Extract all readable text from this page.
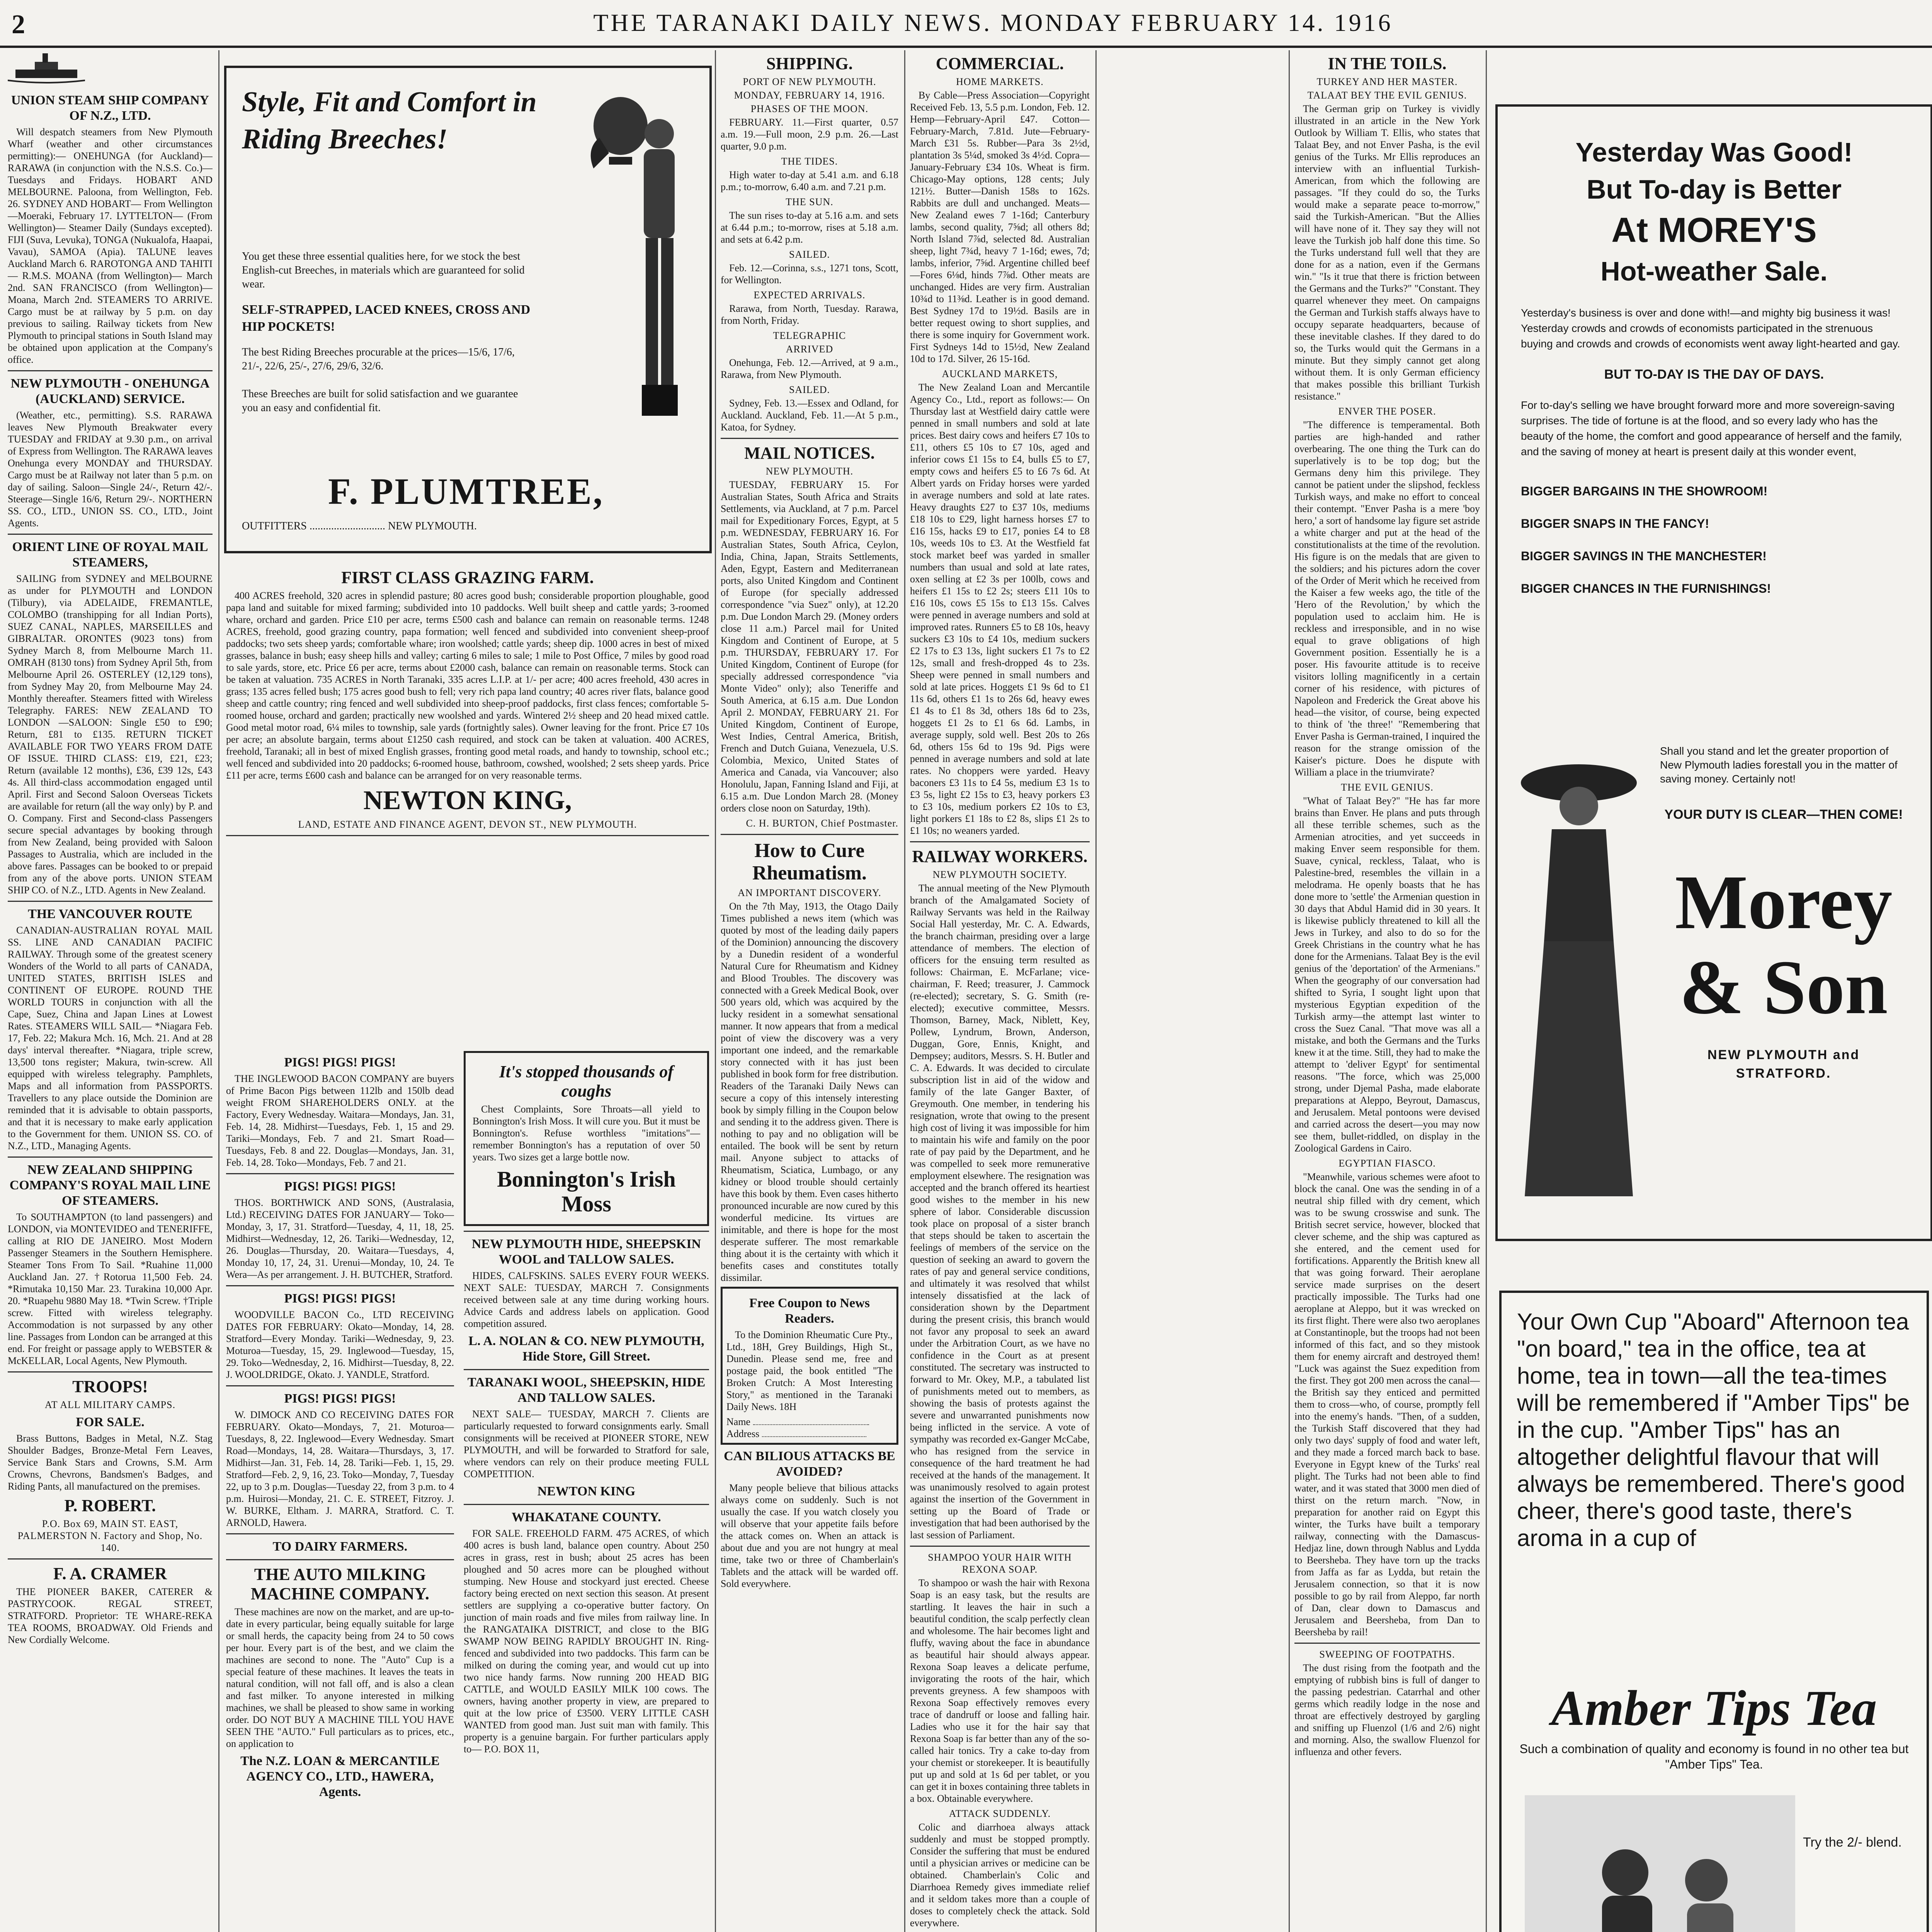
2	THE TARANAKI DAILY NEWS. MONDAY FEBRUARY 14. 1916
UNION STEAM SHIP COMPANY OF N.Z., LTD.

Will despatch steamers from New Plymouth Wharf (weather and other circumstances permitting):— ONEHUNGA (for Auckland)— RARAWA (in conjunction with the N.S.S. Co.)—Tuesdays and Fridays. HOBART AND MELBOURNE. Paloona, from Wellington, Feb. 26. SYDNEY AND HOBART— From Wellington—Moeraki, February 17. LYTTELTON— (From Wellington)— Steamer Daily (Sundays excepted). FIJI (Suva, Levuka), TONGA (Nukualofa, Haapai, Vavau), SAMOA (Apia). TALUNE leaves Auckland March 6. RAROTONGA AND TAHITI— R.M.S. MOANA (from Wellington)— March 2nd. SAN FRANCISCO (from Wellington)— Moana, March 2nd. STEAMERS TO ARRIVE. Cargo must be at railway by 5 p.m. on day previous to sailing. Railway tickets from New Plymouth to principal stations in South Island may be obtained upon application at the Company's office.

NEW PLYMOUTH - ONEHUNGA (AUCKLAND) SERVICE.

(Weather, etc., permitting). S.S. RARAWA leaves New Plymouth Breakwater every TUESDAY and FRIDAY at 9.30 p.m., on arrival of Express from Wellington. The RARAWA leaves Onehunga every MONDAY and THURSDAY. Cargo must be at Railway not later than 5 p.m. on day of sailing. Saloon—Single 24/-, Return 42/-. Steerage—Single 16/6, Return 29/-. NORTHERN SS. CO., LTD., UNION SS. CO., LTD., Joint Agents.

ORIENT LINE OF ROYAL MAIL STEAMERS,

SAILING from SYDNEY and MELBOURNE as under for PLYMOUTH and LONDON (Tilbury), via ADELAIDE, FREMANTLE, COLOMBO (transhipping for all Indian Ports), SUEZ CANAL, NAPLES, MARSEILLES and GIBRALTAR. ORONTES (9023 tons) from Sydney March 8, from Melbourne March 11. OMRAH (8130 tons) from Sydney April 5th, from Melbourne April 26. OSTERLEY (12,129 tons), from Sydney May 20, from Melbourne May 24. Monthly thereafter. Steamers fitted with Wireless Telegraphy. FARES: NEW ZEALAND TO LONDON —SALOON: Single £50 to £90; Return, £81 to £135. RETURN TICKET AVAILABLE FOR TWO YEARS FROM DATE OF ISSUE. THIRD CLASS: £19, £21, £23; Return (available 12 months), £36, £39 12s, £43 4s. All third-class accommodation engaged until April. First and Second Saloon Overseas Tickets are available for return (all the way only) by P. and O. Company. First and Second-class Passengers secure special advantages by booking through from New Zealand, being provided with Saloon Passages to Australia, which are included in the above fares. Passages can be booked to or prepaid from any of the above ports. UNION STEAM SHIP CO. of N.Z., LTD. Agents in New Zealand.

THE VANCOUVER ROUTE

CANADIAN-AUSTRALIAN ROYAL MAIL SS. LINE AND CANADIAN PACIFIC RAILWAY. Through some of the greatest scenery Wonders of the World to all parts of CANADA, UNITED STATES, BRITISH ISLES and CONTINENT OF EUROPE. ROUND THE WORLD TOURS in conjunction with all the Cape, Suez, China and Japan Lines at Lowest Rates. STEAMERS WILL SAIL— *Niagara Feb. 17, Feb. 22; Makura Mch. 16, Mch. 21. And at 28 days' interval thereafter. *Niagara, triple screw, 13,500 tons register; Makura, twin-screw. All equipped with wireless telegraphy. Pamphlets, Maps and all information from PASSPORTS. Travellers to any place outside the Dominion are reminded that it is advisable to obtain passports, and that it is necessary to make early application to the Government for them. UNION SS. CO. of N.Z., LTD., Managing Agents.

NEW ZEALAND SHIPPING COMPANY'S ROYAL MAIL LINE OF STEAMERS.

To SOUTHAMPTON (to land passengers) and LONDON, via MONTEVIDEO and TENERIFFE, calling at RIO DE JANEIRO. Most Modern Passenger Steamers in the Southern Hemisphere. Steamer Tons From To Sail. *Ruahine 11,000 Auckland Jan. 27. †Rotorua 11,500 Feb. 24. *Rimutaka 10,150 Mar. 23. Turakina 10,000 Apr. 20. *Ruapehu 9880 May 18. *Twin Screw. †Triple screw. Fitted with wireless telegraphy. Accommodation is not surpassed by any other line. Passages from London can be arranged at this end. For freight or passage apply to WEBSTER & McKELLAR, Local Agents, New Plymouth.

TROOPS!
AT ALL MILITARY CAMPS.
FOR SALE.

Brass Buttons, Badges in Metal, N.Z. Stag Shoulder Badges, Bronze-Metal Fern Leaves, Service Bank Stars and Crowns, S.M. Arm Crowns, Chevrons, Bandsmen's Badges, and Riding Pants, all manufactured on the premises.

P. ROBERT.
P.O. Box 69, MAIN ST. EAST, PALMERSTON N. Factory and Shop, No. 140.
F. A. CRAMER

THE PIONEER BAKER, CATERER & PASTRYCOOK. REGAL STREET, STRATFORD. Proprietor: TE WHARE-REKA TEA ROOMS, BROADWAY. Old Friends and New Cordially Welcome.

Style, Fit and Comfort in Riding Breeches!
You get these three essential qualities here, for we stock the best English-cut Breeches, in materials which are guaranteed for solid wear.
SELF-STRAPPED, LACED KNEES, CROSS AND HIP POCKETS!
The best Riding Breeches procurable at the prices—15/6, 17/6, 21/-, 22/6, 25/-, 27/6, 29/6, 32/6.

These Breeches are built for solid satisfaction and we guarantee you an easy and confidential fit.
F. PLUMTREE,
OUTFITTERS ............................ NEW PLYMOUTH.
FIRST CLASS GRAZING FARM.

400 ACRES freehold, 320 acres in splendid pasture; 80 acres good bush; considerable proportion ploughable, good papa land and suitable for mixed farming; subdivided into 10 paddocks. Well built sheep and cattle yards; 3-roomed whare, orchard and garden. Price £10 per acre, terms £500 cash and balance can remain on reasonable terms. 1248 ACRES, freehold, good grazing country, papa formation; well fenced and subdivided into convenient sheep-proof paddocks; two sets sheep yards; comfortable whare; iron woolshed; cattle yards; sheep dip. 1000 acres in best of mixed grasses, balance in bush; easy sheep hills and valley; carting 6 miles to sale; 1 mile to Post Office, 7 miles by good road to sale yards, store, etc. Price £6 per acre, terms about £2000 cash, balance can remain on reasonable terms. Stock can be taken at valuation. 735 ACRES in North Taranaki, 335 acres L.I.P. at 1/- per acre; 400 acres freehold, 430 acres in grass; 135 acres felled bush; 175 acres good bush to fell; very rich papa land country; 40 acres river flats, balance good sheep and cattle country; ring fenced and well subdivided into sheep-proof paddocks, first class fences; comfortable 5-roomed house, orchard and garden; practically new woolshed and yards. Wintered 2½ sheep and 20 head mixed cattle. Good metal motor road, 6¼ miles to township, sale yards (fortnightly sales). Owner leaving for the front. Price £7 10s per acre; an absolute bargain, terms about £1250 cash required, and stock can be taken at valuation. 400 ACRES, freehold, Taranaki; all in best of mixed English grasses, fronting good metal roads, and handy to township, school etc.; well fenced and subdivided into 20 paddocks; 6-roomed house, bathroom, cowshed, woolshed; 2 sets sheep yards. Price £11 per acre, terms £600 cash and balance can be arranged for on very reasonable terms.

NEWTON KING,
LAND, ESTATE AND FINANCE AGENT, DEVON ST., NEW PLYMOUTH.
PIGS! PIGS! PIGS!

THE INGLEWOOD BACON COMPANY are buyers of Prime Bacon Pigs between 112lb and 150lb dead weight FROM SHAREHOLDERS ONLY. at the Factory, Every Wednesday. Waitara—Mondays, Jan. 31, Feb. 14, 28. Midhirst—Tuesdays, Feb. 1, 15 and 29. Tariki—Mondays, Feb. 7 and 21. Smart Road—Tuesdays, Feb. 8 and 22. Douglas—Mondays, Jan. 31, Feb. 14, 28. Toko—Mondays, Feb. 7 and 21.

PIGS! PIGS! PIGS!

THOS. BORTHWICK AND SONS, (Australasia, Ltd.) RECEIVING DATES FOR JANUARY— Toko—Monday, 3, 17, 31. Stratford—Tuesday, 4, 11, 18, 25. Midhirst—Wednesday, 12, 26. Tariki—Wednesday, 12, 26. Douglas—Thursday, 20. Waitara—Tuesdays, 4, Monday 10, 17, 24, 31. Urenui—Monday, 10, 24. Te Wera—As per arrangement. J. H. BUTCHER, Stratford.

PIGS! PIGS! PIGS!

WOODVILLE BACON Co., LTD RECEIVING DATES FOR FEBRUARY: Okato—Monday, 14, 28. Stratford—Every Monday. Tariki—Wednesday, 9, 23. Moturoa—Tuesday, 15, 29. Inglewood—Tuesday, 15, 29. Toko—Wednesday, 2, 16. Midhirst—Tuesday, 8, 22. J. WOOLDRIDGE, Okato. J. YANDLE, Stratford.

PIGS! PIGS! PIGS!

W. DIMOCK AND CO RECEIVING DATES FOR FEBRUARY. Okato—Mondays, 7, 21. Moturoa—Tuesdays, 8, 22. Inglewood—Every Wednesday. Smart Road—Mondays, 14, 28. Waitara—Thursdays, 3, 17. Midhirst—Jan. 31, Feb. 14, 28. Tariki—Feb. 1, 15, 29. Stratford—Feb. 2, 9, 16, 23. Toko—Monday, 7, Tuesday 22, up to 3 p.m. Douglas—Tuesday 22, from 3 p.m. to 4 p.m. Huirosi—Monday, 21. C. E. STREET, Fitzroy. J. W. BURKE, Eltham. J. MARRA, Stratford. C. T. ARNOLD, Hawera.

TO DAIRY FARMERS.
THE AUTO MILKING MACHINE COMPANY.

These machines are now on the market, and are up-to-date in every particular, being equally suitable for large or small herds, the capacity being from 24 to 50 cows per hour. Every part is of the best, and we claim the machines are second to none. The "Auto" Cup is a special feature of these machines. It leaves the teats in natural condition, will not fall off, and is also a clean and fast milker. To anyone interested in milking machines, we shall be pleased to show same in working order. DO NOT BUY A MACHINE TILL YOU HAVE SEEN THE "AUTO." Full particulars as to prices, etc., on application to

The N.Z. LOAN & MERCANTILE AGENCY CO., LTD., HAWERA, Agents.
It's stopped thousands of coughs

Chest Complaints, Sore Throats—all yield to Bonnington's Irish Moss. It will cure you. But it must be Bonnington's. Refuse worthless "imitations"—remember Bonnington's has a reputation of over 50 years. Two sizes get a large bottle now.

Bonnington's Irish Moss
NEW PLYMOUTH HIDE, SHEEPSKIN WOOL and TALLOW SALES.

HIDES, CALFSKINS. SALES EVERY FOUR WEEKS. NEXT SALE: TUESDAY, MARCH 7. Consignments received between sale at any time during working hours. Advice Cards and address labels on application. Good competition assured.

L. A. NOLAN & CO. NEW PLYMOUTH, Hide Store, Gill Street.
TARANAKI WOOL, SHEEPSKIN, HIDE AND TALLOW SALES.

NEXT SALE— TUESDAY, MARCH 7. Clients are particularly requested to forward consignments early. Small consignments will be received at PIONEER STORE, NEW PLYMOUTH, and will be forwarded to Stratford for sale, where vendors can rely on their produce meeting FULL COMPETITION.

NEWTON KING
WHAKATANE COUNTY.

FOR SALE. FREEHOLD FARM. 475 ACRES, of which 400 acres is bush land, balance open country. About 250 acres in grass, rest in bush; about 25 acres has been ploughed and 50 acres more can be ploughed without stumping. New House and stockyard just erected. Cheese factory being erected on next section this season. At present settlers are supplying a co-operative butter factory. On junction of main roads and five miles from railway line. In the RANGATAIKA DISTRICT, and close to the BIG SWAMP NOW BEING RAPIDLY BROUGHT IN. Ring-fenced and subdivided into two paddocks. This farm can be milked on during the coming year, and would cut up into two nice handy farms. Now running 200 HEAD BIG CATTLE, and WOULD EASILY MILK 100 cows. The owners, having another property in view, are prepared to quit at the low price of £3500. VERY LITTLE CASH WANTED from good man. Just suit man with family. This property is a genuine bargain. For further particulars apply to— P.O. BOX 11,

SHIPPING.
PORT OF NEW PLYMOUTH.
MONDAY, FEBRUARY 14, 1916.
PHASES OF THE MOON.

FEBRUARY. 11.—First quarter, 0.57 a.m. 19.—Full moon, 2.9 p.m. 26.—Last quarter, 9.0 p.m.

THE TIDES.

High water to-day at 5.41 a.m. and 6.18 p.m.; to-morrow, 6.40 a.m. and 7.21 p.m.

THE SUN.

The sun rises to-day at 5.16 a.m. and sets at 6.44 p.m.; to-morrow, rises at 5.18 a.m. and sets at 6.42 p.m.

SAILED.

Feb. 12.—Corinna, s.s., 1271 tons, Scott, for Wellington.

EXPECTED ARRIVALS.

Rarawa, from North, Tuesday. Rarawa, from North, Friday.

TELEGRAPHIC
ARRIVED

Onehunga, Feb. 12.—Arrived, at 9 a.m., Rarawa, from New Plymouth.

SAILED.

Sydney, Feb. 13.—Essex and Odland, for Auckland. Auckland, Feb. 11.—At 5 p.m., Katoa, for Sydney.

MAIL NOTICES.
NEW PLYMOUTH.

TUESDAY, FEBRUARY 15. For Australian States, South Africa and Straits Settlements, via Auckland, at 7 p.m. Parcel mail for Expeditionary Forces, Egypt, at 5 p.m. WEDNESDAY, FEBRUARY 16. For Australian States, South Africa, Ceylon, India, China, Japan, Straits Settlements, Aden, Egypt, Eastern and Mediterranean ports, also United Kingdom and Continent of Europe (for specially addressed correspondence "via Suez" only), at 12.20 p.m. Due London March 29. (Money orders close 11 a.m.) Parcel mail for United Kingdom and Continent of Europe, at 5 p.m. THURSDAY, FEBRUARY 17. For United Kingdom, Continent of Europe (for specially addressed correspondence "via Monte Video" only); also Teneriffe and South America, at 6.15 a.m. Due London April 2. MONDAY, FEBRUARY 21. For United Kingdom, Continent of Europe, West Indies, Central America, British, French and Dutch Guiana, Venezuela, U.S. Colombia, Mexico, United States of America and Canada, via Vancouver; also Honolulu, Japan, Fanning Island and Fiji, at 6.15 a.m. Due London March 28. (Money orders close noon on Saturday, 19th).

C. H. BURTON, Chief Postmaster.
How to Cure Rheumatism.
AN IMPORTANT DISCOVERY.

On the 7th May, 1913, the Otago Daily Times published a news item (which was quoted by most of the leading daily papers of the Dominion) announcing the discovery by a Dunedin resident of a wonderful Natural Cure for Rheumatism and Kidney and Blood Troubles. The discovery was connected with a Greek Medical Book, over 500 years old, which was acquired by the lucky resident in a somewhat sensational manner. It now appears that from a medical point of view the discovery was a very important one indeed, and the remarkable story connected with it has just been published in book form for free distribution. Readers of the Taranaki Daily News can secure a copy of this intensely interesting book by simply filling in the Coupon below and sending it to the address given. There is nothing to pay and no obligation will be entailed. The book will be sent by return mail. Anyone subject to attacks of Rheumatism, Sciatica, Lumbago, or any kidney or blood trouble should certainly have this book by them. Even cases hitherto pronounced incurable are now cured by this wonderful medicine. Its virtues are inimitable, and there is hope for the most desperate sufferer. The most remarkable thing about it is the certainty with which it benefits cases and constitutes totally dissimilar.

Free Coupon to News Readers.

To the Dominion Rheumatic Cure Pty., Ltd., 18H, Grey Buildings, High St., Dunedin. Please send me, free and postage paid, the book entitled "The Broken Crutch: A Most Interesting Story," as mentioned in the Taranaki Daily News. 18H

Name
Address
CAN BILIOUS ATTACKS BE AVOIDED?

Many people believe that bilious attacks always come on suddenly. Such is not usually the case. If you watch closely you will observe that your appetite fails before the attack comes on. When an attack is about due and you are not hungry at meal time, take two or three of Chamberlain's Tablets and the attack will be warded off. Sold everywhere.

COMMERCIAL.
HOME MARKETS.

By Cable—Press Association—Copyright Received Feb. 13, 5.5 p.m. London, Feb. 12. Hemp—February-April £47. Cotton—February-March, 7.81d. Jute—February-March £31 5s. Rubber—Para 3s 2½d, plantation 3s 5¼d, smoked 3s 4½d. Copra—January-February £34 10s. Wheat is firm. Chicago-May options, 128 cents; July 121½. Butter—Danish 158s to 162s. Rabbits are dull and unchanged. Meats—New Zealand ewes 7 1-16d; Canterbury lambs, second quality, 7⅝d; all others 8d; North Island 7⅞d, selected 8d. Australian sheep, light 7¾d, heavy 7 1-16d; ewes, 7d; lambs, inferior, 7⅝d. Argentine chilled beef—Fores 6⅛d, hinds 7⅞d. Other meats are unchanged. Hides are very firm. Australian 10¾d to 11⅜d. Leather is in good demand. Best Sydney 17d to 19½d. Basils are in better request owing to short supplies, and there is some inquiry for Government work. First Sydneys 14d to 15½d, New Zealand 10d to 17d. Silver, 26 15-16d.

AUCKLAND MARKETS,

The New Zealand Loan and Mercantile Agency Co., Ltd., report as follows:— On Thursday last at Westfield dairy cattle were penned in small numbers and sold at late prices. Best dairy cows and heifers £7 10s to £11, others £5 10s to £7 10s, aged and inferior cows £1 15s to £4, bulls £5 to £7, empty cows and heifers £5 to £6 7s 6d. At Albert yards on Friday horses were yarded in average numbers and sold at late rates. Heavy draughts £27 to £37 10s, mediums £18 10s to £29, light harness horses £7 to £16 15s, hacks £9 to £17, ponies £4 to £8 10s, weeds 10s to £3. At the Westfield fat stock market beef was yarded in smaller numbers than usual and sold at late rates, oxen selling at £2 3s per 100lb, cows and heifers £1 15s to £2 2s; steers £11 10s to £16 10s, cows £5 15s to £13 15s. Calves were penned in average numbers and sold at improved rates. Runners £5 to £8 10s, heavy suckers £3 10s to £4 10s, medium suckers £2 17s to £3 13s, light suckers £1 7s to £2 12s, small and fresh-dropped 4s to 23s. Sheep were penned in small numbers and sold at late prices. Hoggets £1 9s 6d to £1 11s 6d, others £1 1s to 26s 6d, heavy ewes £1 4s to £1 8s 3d, others 18s 6d to 23s, hoggets £1 2s to £1 6s 6d. Lambs, in average supply, sold well. Best 20s to 26s 6d, others 15s 6d to 19s 9d. Pigs were penned in average numbers and sold at late rates. No choppers were yarded. Heavy baconers £3 11s to £4 5s, medium £3 1s to £3 5s, light £2 15s to £3, heavy porkers £3 to £3 10s, medium porkers £2 10s to £3, light porkers £1 18s to £2 8s, slips £1 2s to £1 10s; no weaners yarded.

RAILWAY WORKERS.
NEW PLYMOUTH SOCIETY.

The annual meeting of the New Plymouth branch of the Amalgamated Society of Railway Servants was held in the Railway Social Hall yesterday, Mr. C. A. Edwards, the branch chairman, presiding over a large attendance of members. The election of officers for the ensuing term resulted as follows: Chairman, E. McFarlane; vice-chairman, F. Reed; treasurer, J. Cammock (re-elected); secretary, S. G. Smith (re-elected); executive committee, Messrs. Thomson, Barney, Mack, Niblett, Key, Pollew, Lyndrum, Brown, Anderson, Duggan, Gore, Ennis, Knight, and Dempsey; auditors, Messrs. S. H. Butler and C. A. Edwards. It was decided to circulate subscription list in aid of the widow and family of the late Ganger Baxter, of Greymouth. One member, in tendering his resignation, wrote that owing to the present high cost of living it was impossible for him to maintain his wife and family on the poor rate of pay paid by the Department, and he was compelled to seek more remunerative employment elsewhere. The resignation was accepted and the branch offered its heartiest good wishes to the member in his new sphere of labor. Considerable discussion took place on proposal of a sister branch that steps should be taken to ascertain the feelings of members of the service on the question of seeking an award to govern the rates of pay and general service conditions, and ultimately it was resolved that whilst intensely dissatisfied at the lack of consideration shown by the Department during the present crisis, this branch would not favor any proposal to seek an award under the Arbitration Court, as we have no confidence in the Court as at present constituted. The secretary was instructed to forward to Mr. Okey, M.P., a tabulated list of punishments meted out to members, as showing the basis of protests against the severe and unwarranted punishments now being inflicted in the service. A vote of sympathy was recorded ex-Ganger McCabe, who has resigned from the service in consequence of the hard treatment he had received at the hands of the management. It was unanimously resolved to again protest against the insertion of the Government in setting up the Board of Trade or investigation that had been authorised by the last session of Parliament.

SHAMPOO YOUR HAIR WITH REXONA SOAP.

To shampoo or wash the hair with Rexona Soap is an easy task, but the results are startling. It leaves the hair in such a beautiful condition, the scalp perfectly clean and wholesome. The hair becomes light and fluffy, waving about the face in abundance as beautiful hair should always appear. Rexona Soap leaves a delicate perfume, invigorating the roots of the hair, which prevents greyness. A few shampoos with Rexona Soap effectively removes every trace of dandruff or loose and falling hair. Ladies who use it for the hair say that Rexona Soap is far better than any of the so-called hair tonics. Try a cake to-day from your chemist or storekeeper. It is beautifully put up and sold at 1s 6d per tablet, or you can get it in boxes containing three tablets in a box. Obtainable everywhere.

ATTACK SUDDENLY.

Colic and diarrhoea always attack suddenly and must be stopped promptly. Consider the suffering that must be endured until a physician arrives or medicine can be obtained. Chamberlain's Colic and Diarrhoea Remedy gives immediate relief and it seldom takes more than a couple of doses to completely check the attack. Sold everywhere.

IN THE TOILS.
TURKEY AND HER MASTER.
TALAAT BEY THE EVIL GENIUS.

The German grip on Turkey is vividly illustrated in an article in the New York Outlook by William T. Ellis, who states that Talaat Bey, and not Enver Pasha, is the evil genius of the Turks. Mr Ellis reproduces an interview with an influential Turkish-American, from which the following are passages. "If they could do so, the Turks would make a separate peace to-morrow," said the Turkish-American. "But the Allies will have none of it. They say they will not leave the Turkish job half done this time. So the Turks understand full well that they are done for as a nation, even if the Germans win." "Is it true that there is friction between the Germans and the Turks?" "Constant. They quarrel whenever they meet. On campaigns the German and Turkish staffs always have to occupy separate headquarters, because of these inevitable clashes. If they dared to do so, the Turks would quit the Germans in a minute. But they simply cannot get along without them. It is only German efficiency that makes possible this brilliant Turkish resistance."

ENVER THE POSER.

"The difference is temperamental. Both parties are high-handed and rather overbearing. The one thing the Turk can do superlatively is to be top dog; but the Germans deny him this privilege. They cannot be patient under the slipshod, feckless Turkish ways, and make no effort to conceal their contempt. "Enver Pasha is a mere 'boy hero,' a sort of handsome lay figure set astride a white charger and put at the head of the constitutionalists at the time of the revolution. His figure is on the medals that are given to the soldiers; and his pictures adorn the cover of the Order of Merit which he received from the Kaiser a few weeks ago, the title of the 'Hero of the Revolution,' by which the population used to acclaim him. He is reckless and irresponsible, and in no wise equal to grave obligations of high Government position. Essentially he is a poser. His favourite attitude is to receive visitors lolling magnificently in a certain corner of his residence, with pictures of Napoleon and Frederick the Great above his head—the visitor, of course, being expected to think of 'the three!' "Remembering that Enver Pasha is German-trained, I inquired the reason for the strange omission of the Kaiser's picture. Does he dispute with William a place in the triumvirate?

THE EVIL GENIUS.

"What of Talaat Bey?" "He has far more brains than Enver. He plans and puts through all these terrible schemes, such as the Armenian atrocities, and yet succeeds in making Enver seem responsible for them. Suave, cynical, reckless, Talaat, who is Palestine-bred, resembles the villain in a melodrama. He openly boasts that he has done more to 'settle' the Armenian question in 30 days that Abdul Hamid did in 30 years. It is likewise publicly threatened to kill all the Jews in Turkey, and also to do so for the Greek Christians in the country what he has done for the Armenians. Talaat Bey is the evil genius of the 'deportation' of the Armenians." When the geography of our conversation had shifted to Syria, I sought light upon that mysterious Egyptian expedition of the Turkish army—the attempt last winter to cross the Suez Canal. "That move was all a mistake, and both the Germans and the Turks knew it at the time. Still, they had to make the attempt to 'deliver Egypt' for sentimental reasons. "The force, which was 25,000 strong, under Djemal Pasha, made elaborate preparations at Aleppo, Beyrout, Damascus, and Jerusalem. Metal pontoons were devised and carried across the desert—you may now see them, bullet-riddled, on display in the Zoological Gardens in Cairo.

EGYPTIAN FIASCO.

"Meanwhile, various schemes were afoot to block the canal. One was the sending in of a neutral ship filled with dry cement, which was to be swung crosswise and sunk. The British secret service, however, blocked that clever scheme, and the ship was captured as she entered, and the cement used for fortifications. Apparently the British knew all that was going forward. Their aeroplane service made surprises on the desert practically impossible. The Turks had one aeroplane at Aleppo, but it was wrecked on its first flight. There were also two aeroplanes at Constantinople, but the troops had not been informed of this fact, and so they mistook them for enemy aircraft and destroyed them! "Luck was against the Suez expedition from the first. They got 200 men across the canal—the British say they enticed and permitted them to cross—who, of course, promptly fell into the enemy's hands. "Then, of a sudden, the Turkish Staff discovered that they had only two days' supply of food and water left, and they made a forced march back to base. Everyone in Egypt knew of the Turks' real plight. The Turks had not been able to find water, and it was stated that 3000 men died of thirst on the return march. "Now, in preparation for another raid on Egypt this winter, the Turks have built a temporary railway, connecting with the Damascus-Hedjaz line, down through Nablus and Lydda to Beersheba. They have torn up the tracks from Jaffa as far as Lydda, but retain the Jerusalem connection, so that it is now possible to go by rail from Aleppo, far north of Dan, clear down to Damascus and Jerusalem and Beersheba, from Dan to Beersheba by rail!

SWEEPING OF FOOTPATHS.

The dust rising from the footpath and the emptying of rubbish bins is full of danger to the passing pedestrian. Catarrhal and other germs which readily lodge in the nose and throat are effectively destroyed by gargling and sniffing up Fluenzol (1/6 and 2/6) night and morning. Also, the swallow Fluenzol for influenza and other fevers.

Yesterday Was Good!
But To-day is Better
At MOREY'S
Hot-weather Sale.
Yesterday's business is over and done with!—and mighty big business it was! Yesterday crowds and crowds of economists participated in the strenuous buying and crowds and crowds of economists went away light-hearted and gay.
BUT TO-DAY IS THE DAY OF DAYS.
For to-day's selling we have brought forward more and more sovereign-saving surprises. The tide of fortune is at the flood, and so every lady who has the beauty of the home, the comfort and good appearance of herself and the family, and the saving of money at heart is present daily at this wonder event,
BIGGER BARGAINS IN THE SHOWROOM!
BIGGER SNAPS IN THE FANCY!
BIGGER SAVINGS IN THE MANCHESTER!
BIGGER CHANCES IN THE FURNISHINGS!
Shall you stand and let the greater proportion of New Plymouth ladies forestall you in the matter of saving money. Certainly not!
YOUR DUTY IS CLEAR—THEN COME!
Morey
& Son
NEW PLYMOUTH and STRATFORD.
Your Own Cup "Aboard" Afternoon tea "on board," tea in the office, tea at home, tea in town—all the tea-times will be remembered if "Amber Tips" be in the cup. "Amber Tips" has an altogether delightful flavour that will always be remembered. There's good cheer, there's good taste, there's aroma in a cup of
Amber Tips Tea
Such a combination of quality and economy is found in no other tea but "Amber Tips" Tea.
Try the 2/- blend.
